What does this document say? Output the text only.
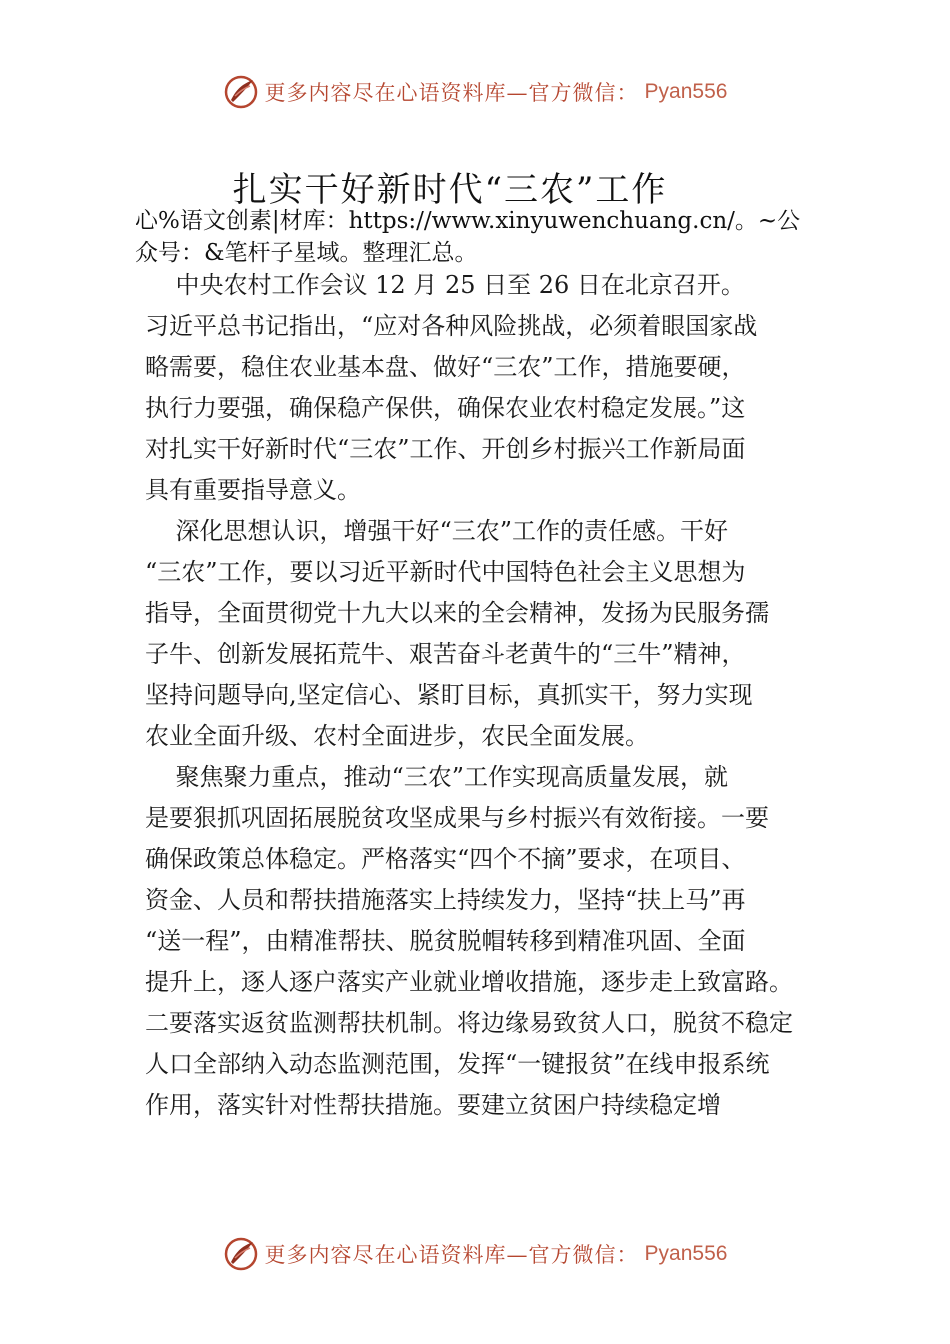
更多内容尽在心语资料库—官方微信： Pyan556
扎实干好新时代“三农”工作
心%语文创素|材库：https://www.xinyuwenchuang.cn/。~公
众号：&笔杆子星域。整理汇总。
中央农村工作会议 12 月 25 日至 26 日在北京召开。
习近平总书记指出，“应对各种风险挑战，必须着眼国家战
略需要，稳住农业基本盘、做好“三农”工作，措施要硬，
执行力要强，确保稳产保供，确保农业农村稳定发展。”这
对扎实干好新时代“三农”工作、开创乡村振兴工作新局面
具有重要指导意义。
深化思想认识，增强干好“三农”工作的责任感。干好
“三农”工作，要以习近平新时代中国特色社会主义思想为
指导，全面贯彻党十九大以来的全会精神，发扬为民服务孺
子牛、创新发展拓荒牛、艰苦奋斗老黄牛的“三牛”精神，
坚持问题导向,坚定信心、紧盯目标，真抓实干，努力实现
农业全面升级、农村全面进步，农民全面发展。
聚焦聚力重点，推动“三农”工作实现高质量发展，就
是要狠抓巩固拓展脱贫攻坚成果与乡村振兴有效衔接。一要
确保政策总体稳定。严格落实“四个不摘”要求，在项目、
资金、人员和帮扶措施落实上持续发力，坚持“扶上马”再
“送一程”，由精准帮扶、脱贫脱帽转移到精准巩固、全面
提升上，逐人逐户落实产业就业增收措施，逐步走上致富路。
二要落实返贫监测帮扶机制。将边缘易致贫人口，脱贫不稳定
人口全部纳入动态监测范围，发挥“一键报贫”在线申报系统
作用，落实针对性帮扶措施。要建立贫困户持续稳定增
更多内容尽在心语资料库—官方微信： Pyan556
